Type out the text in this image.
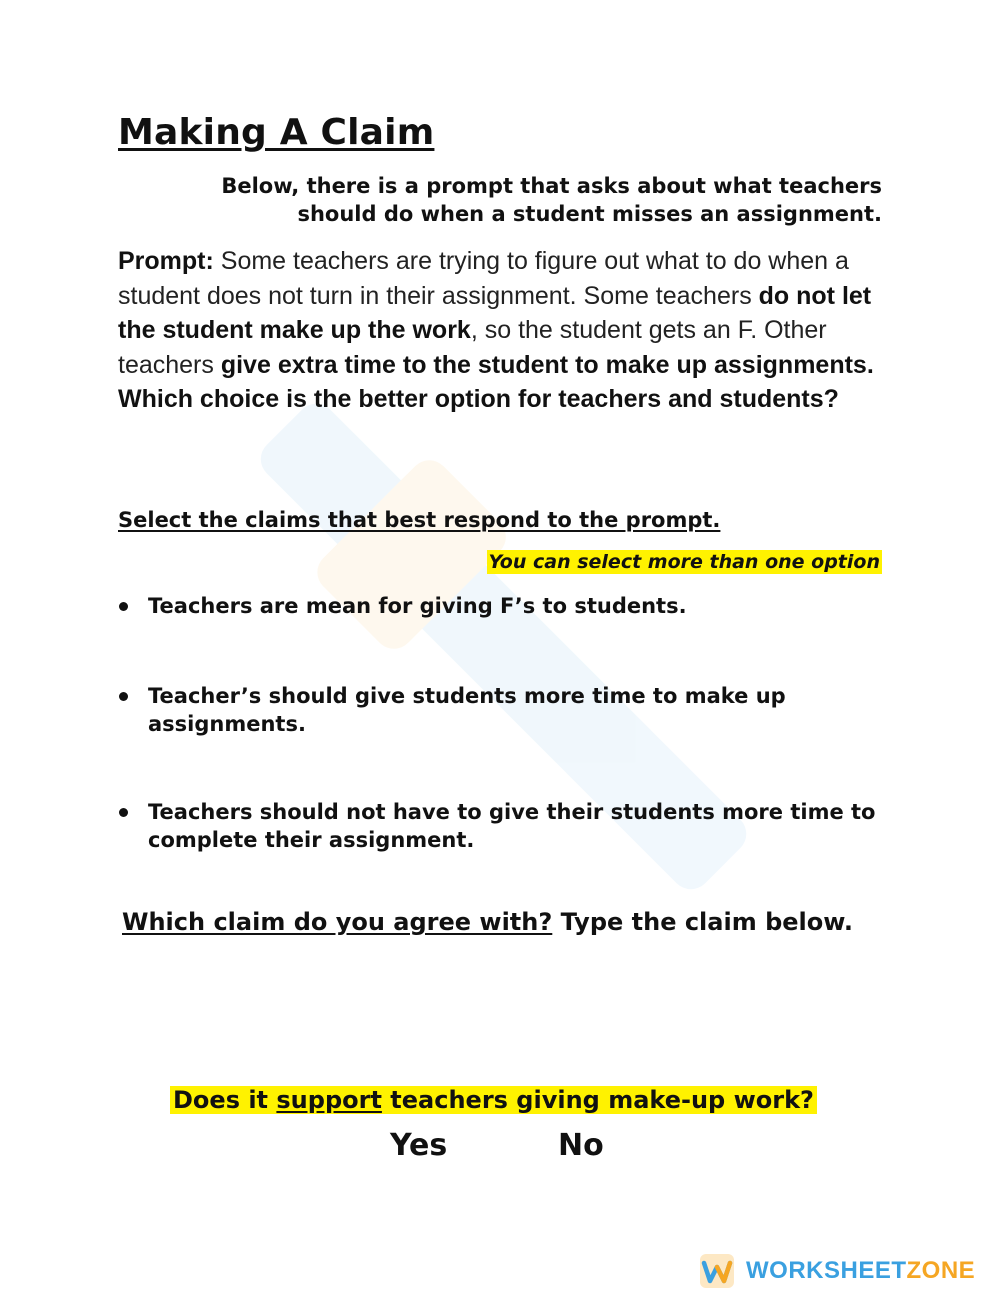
Making A Claim
Below, there is a prompt that asks about what teachers
should do when a student misses an assignment.
Prompt: Some teachers are trying to figure out what to do when a student does not turn in their assignment. Some teachers do not let the student make up the work, so the student gets an F. Other teachers give extra time to the student to make up assignments. Which choice is the better option for teachers and students?
Select the claims that best respond to the prompt.
You can select more than one option
Teachers are mean for giving F’s to students.
Teacher’s should give students more time to make up assignments.
Teachers should not have to give their students more time to complete their assignment.
Which claim do you agree with? Type the claim below.
Does it support teachers giving make-up work?
Yes	No
WORKSHEETZONE
